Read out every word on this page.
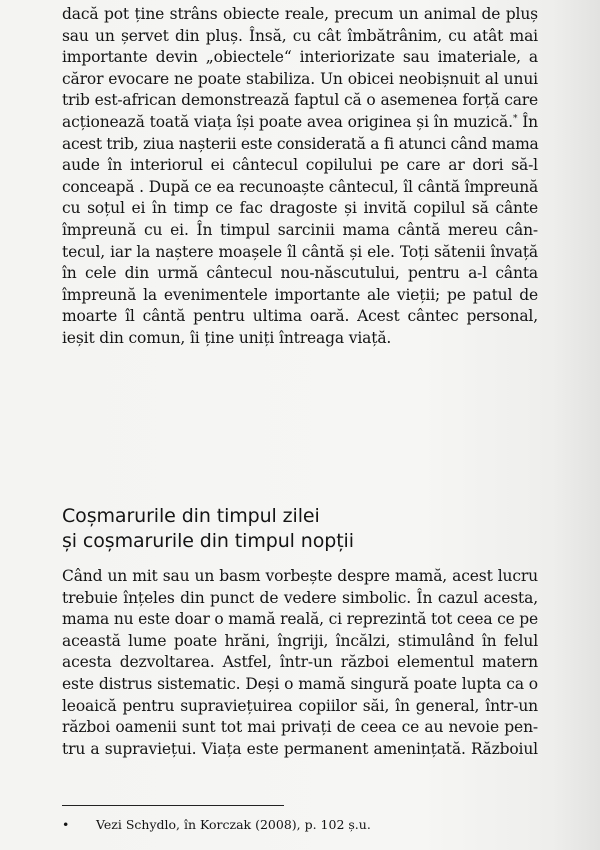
dacă pot ține strâns obiecte reale, precum un animal de pluș
sau un șervet din pluș. Însă, cu cât îmbătrânim, cu atât mai
importante devin „obiectele“ interiorizate sau imateriale, a
căror evocare ne poate stabiliza. Un obicei neobișnuit al unui
trib est-african demonstrează faptul că o asemenea forță care
acționează toată viața își poate avea originea și în muzică.* În
acest trib, ziua nașterii este considerată a fi atunci când mama
aude în interiorul ei cântecul copilului pe care ar dori să-l
conceapă . După ce ea recunoaște cântecul, îl cântă împreună
cu soțul ei în timp ce fac dragoste și invită copilul să cânte
împreună cu ei. În timpul sarcinii mama cântă mereu cân-
tecul, iar la naștere moașele îl cântă și ele. Toți sătenii învață
în cele din urmă cântecul nou-născutului, pentru a-l cânta
împreună la evenimentele importante ale vieții; pe patul de
moarte îl cântă pentru ultima oară. Acest cântec personal,
ieșit din comun, îi ține uniți întreaga viață.
Coșmarurile din timpul zilei
și coșmarurile din timpul nopții
Când un mit sau un basm vorbește despre mamă, acest lucru
trebuie înțeles din punct de vedere simbolic. În cazul acesta,
mama nu este doar o mamă reală, ci reprezintă tot ceea ce pe
această lume poate hrăni, îngriji, încălzi, stimulând în felul
acesta dezvoltarea. Astfel, într-un război elementul matern
este distrus sistematic. Deși o mamă singură poate lupta ca o
leoaică pentru supraviețuirea copiilor săi, în general, într-un
război oamenii sunt tot mai privați de ceea ce au nevoie pen-
tru a supraviețui. Viața este permanent amenințată. Războiul
• Vezi Schydlo, în Korczak (2008), p. 102 ș.u.
